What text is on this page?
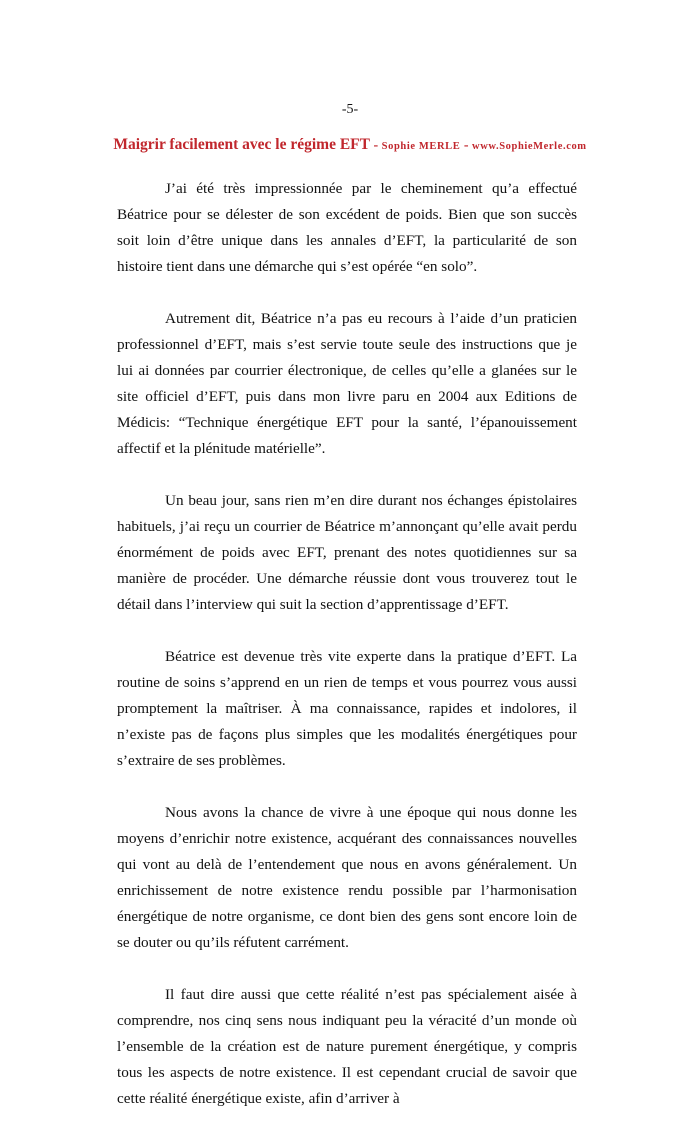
-5-
Maigrir facilement avec le régime EFT - Sophie MERLE - www.SophieMerle.com

J’ai été très impressionnée par le cheminement qu’a effectué Béatrice pour se délester de son excédent de poids. Bien que son succès soit loin d’être unique dans les annales d’EFT, la particularité de son histoire tient dans une démarche qui s’est opérée “en solo”.

Autrement dit, Béatrice n’a pas eu recours à l’aide d’un praticien professionnel d’EFT, mais s’est servie toute seule des instructions que je lui ai données par courrier électronique, de celles qu’elle a glanées sur le site officiel d’EFT, puis dans mon livre paru en 2004 aux Editions de Médicis: “Technique énergétique EFT pour la santé, l’épanouissement affectif et la plénitude matérielle”.

Un beau jour, sans rien m’en dire durant nos échanges épistolaires habituels, j’ai reçu un courrier de Béatrice m’annonçant qu’elle avait perdu énormément de poids avec EFT, prenant des notes quotidiennes sur sa manière de procéder. Une démarche réussie dont vous trouverez tout le détail dans l’interview qui suit la section d’apprentissage d’EFT.

Béatrice est devenue très vite experte dans la pratique d’EFT. La routine de soins s’apprend en un rien de temps et vous pourrez vous aussi promptement la maîtriser. À ma connaissance, rapides et indolores, il n’existe pas de façons plus simples que les modalités énergétiques pour s’extraire de ses problèmes.

Nous avons la chance de vivre à une époque qui nous donne les moyens d’enrichir notre existence, acquérant des connaissances nouvelles qui vont au delà de l’entendement que nous en avons généralement. Un enrichissement de notre existence rendu possible par l’harmonisation énergétique de notre organisme, ce dont bien des gens sont encore loin de se douter ou qu’ils réfutent carrément.

Il faut dire aussi que cette réalité n’est pas spécialement aisée à comprendre, nos cinq sens nous indiquant peu la véracité d’un monde où l’ensemble de la création est de nature purement énergétique, y compris tous les aspects de notre existence. Il est cependant crucial de savoir que cette réalité énergétique existe, afin d’arriver à
